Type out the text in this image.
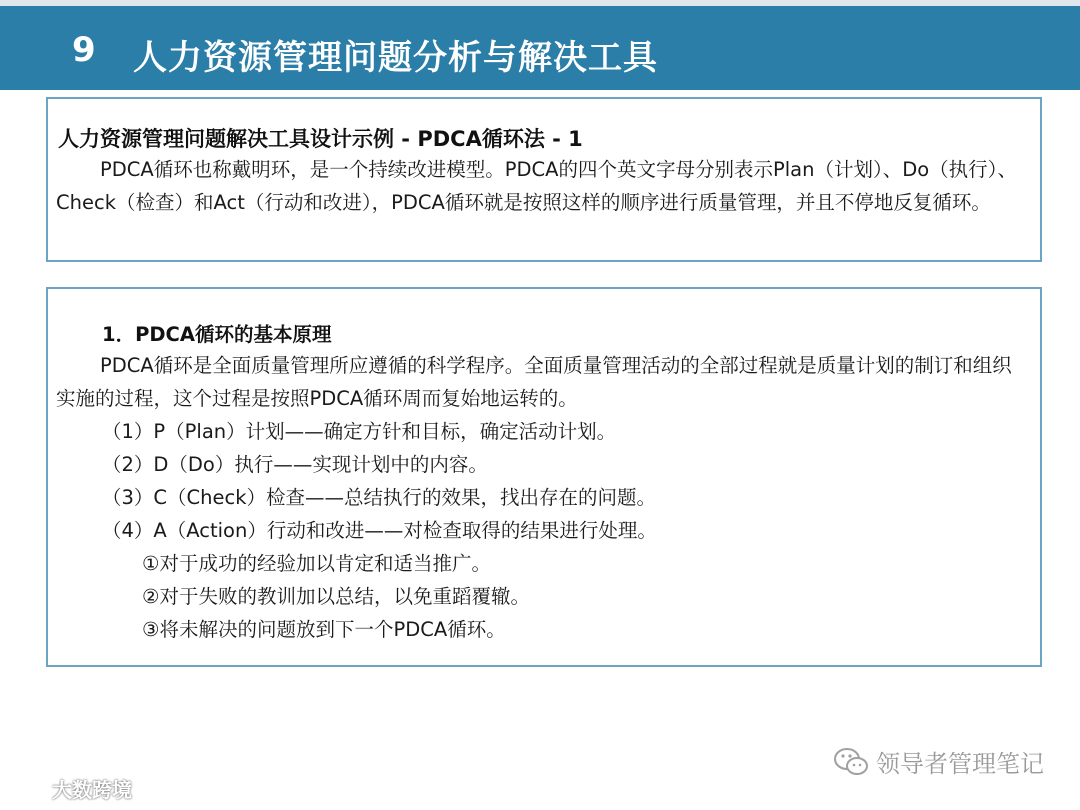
9 人力资源管理问题分析与解决工具
人力资源管理问题解决工具设计示例 - PDCA循环法 - 1
PDCA循环也称戴明环，是一个持续改进模型。PDCA的四个英文字母分别表示Plan（计划）、Do（执行）、Check（检查）和Act（行动和改进），PDCA循环就是按照这样的顺序进行质量管理，并且不停地反复循环。
1．PDCA循环的基本原理
PDCA循环是全面质量管理所应遵循的科学程序。全面质量管理活动的全部过程就是质量计划的制订和组织实施的过程，这个过程是按照PDCA循环周而复始地运转的。
（1）P（Plan）计划——确定方针和目标，确定活动计划。
（2）D（Do）执行——实现计划中的内容。
（3）C（Check）检查——总结执行的效果，找出存在的问题。
（4）A（Action）行动和改进——对检查取得的结果进行处理。
①对于成功的经验加以肯定和适当推广。
②对于失败的教训加以总结，以免重蹈覆辙。
③将未解决的问题放到下一个PDCA循环。
领导者管理笔记
大数跨境
